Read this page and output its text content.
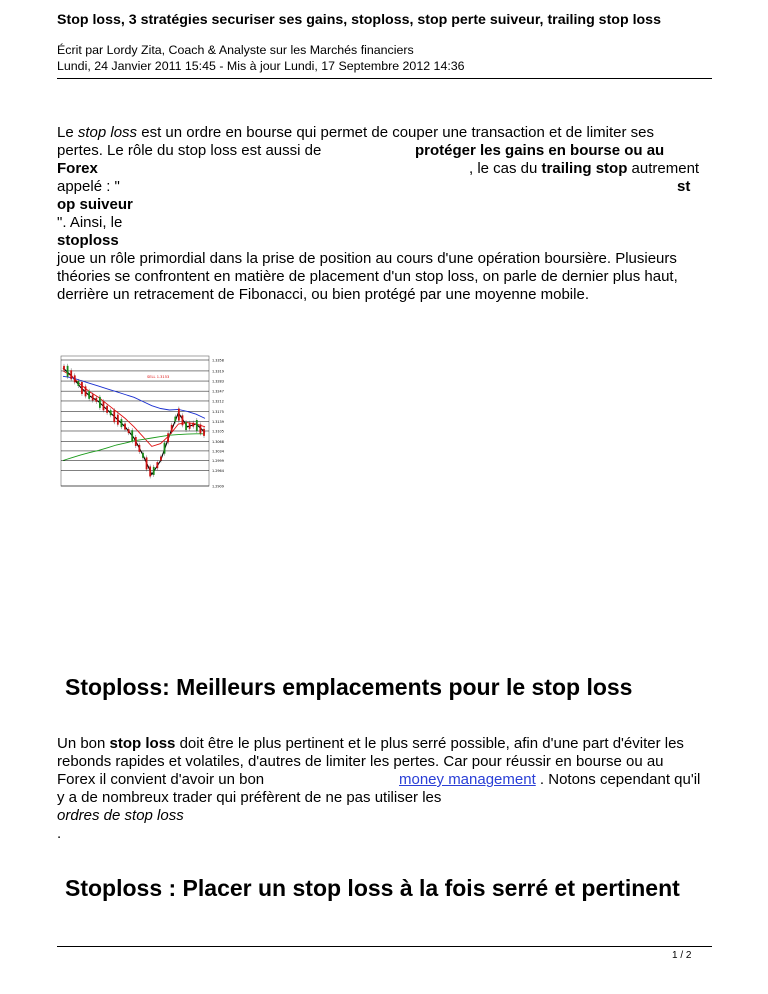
Stop loss, 3 stratégies securiser ses gains, stoploss, stop perte suiveur, trailing stop loss
Écrit par Lordy Zita, Coach & Analyste sur les Marchés financiers
Lundi, 24 Janvier 2011 15:45 - Mis à jour Lundi, 17 Septembre 2012 14:36
Le stop loss est un ordre en bourse qui permet de couper une transaction et de limiter ses
pertes. Le rôle du stop loss est aussi de	protéger les gains en bourse ou au
Forex	, le cas du trailing stop autrement
appelé : "	st
op suiveur
". Ainsi, le
stoploss
joue un rôle primordial dans la prise de position au cours d'une opération boursière. Plusieurs
théories se confrontent en matière de placement d'un stop loss, on parle de dernier plus haut,
derrière un retracement de Fibonacci, ou bien protégé par une moyenne mobile.
1.3358
1.3319
1.3283
1.3247
1.3212
1.3175
1.3139
1.3105
1.3068
1.3034
1.2999
1.2964
1.2909
SELL 1.3153
Stoploss: Meilleurs emplacements pour le stop loss
Un bon stop loss doit être le plus pertinent et le plus serré possible, afin d'une part d'éviter les
rebonds rapides et volatiles, d'autres de limiter les pertes. Car pour réussir en bourse ou au
Forex il convient d'avoir un bon	money management . Notons cependant qu'il
y a de nombreux trader qui préfèrent de ne pas utiliser les
ordres de stop loss
.
Stoploss : Placer un stop loss à la fois serré et pertinent
1 / 2
